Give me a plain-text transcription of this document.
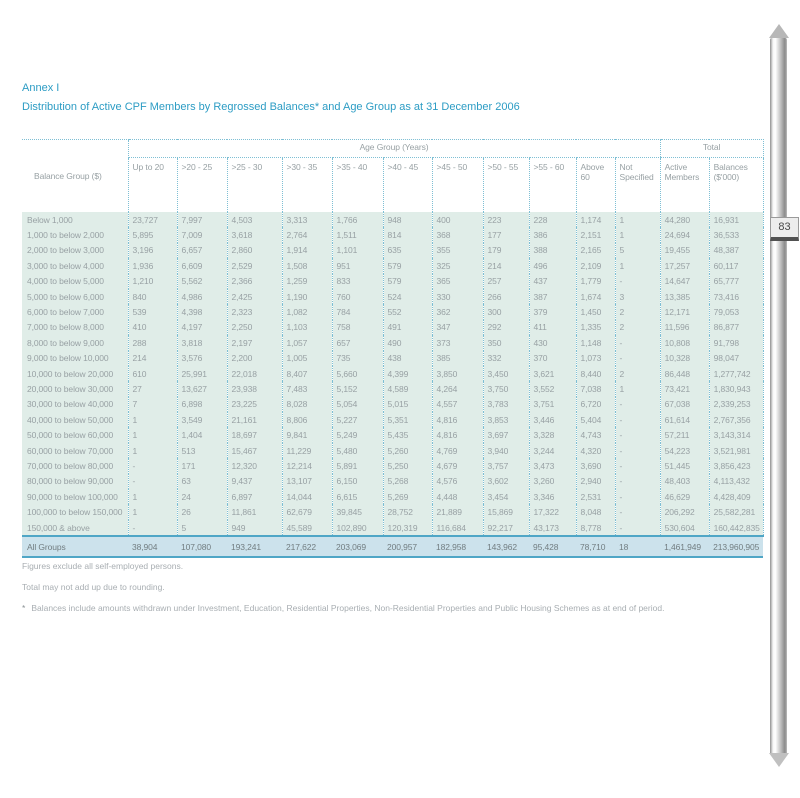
Annex I
Distribution of Active CPF Members by Regrossed Balances* and Age Group as at 31 December 2006
Balance Group ($)	Age Group (Years)											Total	
	Up to 20	>20 - 25	>25 - 30	>30 - 35	>35 - 40	>40 - 45	>45 - 50	>50 - 55	>55 - 60	Above 60	Not Specified	Active Members	Balances ($'000)
Below 1,000	23,727	7,997	4,503	3,313	1,766	948	400	223	228	1,174	1	44,280	16,931
1,000 to below 2,000	5,895	7,009	3,618	2,764	1,511	814	368	177	386	2,151	1	24,694	36,533
2,000 to below 3,000	3,196	6,657	2,860	1,914	1,101	635	355	179	388	2,165	5	19,455	48,387
3,000 to below 4,000	1,936	6,609	2,529	1,508	951	579	325	214	496	2,109	1	17,257	60,117
4,000 to below 5,000	1,210	5,562	2,366	1,259	833	579	365	257	437	1,779	-	14,647	65,777
5,000 to below 6,000	840	4,986	2,425	1,190	760	524	330	266	387	1,674	3	13,385	73,416
6,000 to below 7,000	539	4,398	2,323	1,082	784	552	362	300	379	1,450	2	12,171	79,053
7,000 to below 8,000	410	4,197	2,250	1,103	758	491	347	292	411	1,335	2	11,596	86,877
8,000 to below 9,000	288	3,818	2,197	1,057	657	490	373	350	430	1,148	-	10,808	91,798
9,000 to below 10,000	214	3,576	2,200	1,005	735	438	385	332	370	1,073	-	10,328	98,047
10,000 to below 20,000	610	25,991	22,018	8,407	5,660	4,399	3,850	3,450	3,621	8,440	2	86,448	1,277,742
20,000 to below 30,000	27	13,627	23,938	7,483	5,152	4,589	4,264	3,750	3,552	7,038	1	73,421	1,830,943
30,000 to below 40,000	7	6,898	23,225	8,028	5,054	5,015	4,557	3,783	3,751	6,720	-	67,038	2,339,253
40,000 to below 50,000	1	3,549	21,161	8,806	5,227	5,351	4,816	3,853	3,446	5,404	-	61,614	2,767,356
50,000 to below 60,000	1	1,404	18,697	9,841	5,249	5,435	4,816	3,697	3,328	4,743	-	57,211	3,143,314
60,000 to below 70,000	1	513	15,467	11,229	5,480	5,260	4,769	3,940	3,244	4,320	-	54,223	3,521,981
70,000 to below 80,000	-	171	12,320	12,214	5,891	5,250	4,679	3,757	3,473	3,690	-	51,445	3,856,423
80,000 to below 90,000	-	63	9,437	13,107	6,150	5,268	4,576	3,602	3,260	2,940	-	48,403	4,113,432
90,000 to below 100,000	1	24	6,897	14,044	6,615	5,269	4,448	3,454	3,346	2,531	-	46,629	4,428,409
100,000 to below 150,000	1	26	11,861	62,679	39,845	28,752	21,889	15,869	17,322	8,048	-	206,292	25,582,281
150,000 & above	-	5	949	45,589	102,890	120,319	116,684	92,217	43,173	8,778	-	530,604	160,442,835
All Groups	38,904	107,080	193,241	217,622	203,069	200,957	182,958	143,962	95,428	78,710	18	1,461,949	213,960,905
Figures exclude all self-employed persons.
Total may not add up due to rounding.
* Balances include amounts withdrawn under Investment, Education, Residential Properties, Non-Residential Properties and Public Housing Schemes as at end of period.
83
